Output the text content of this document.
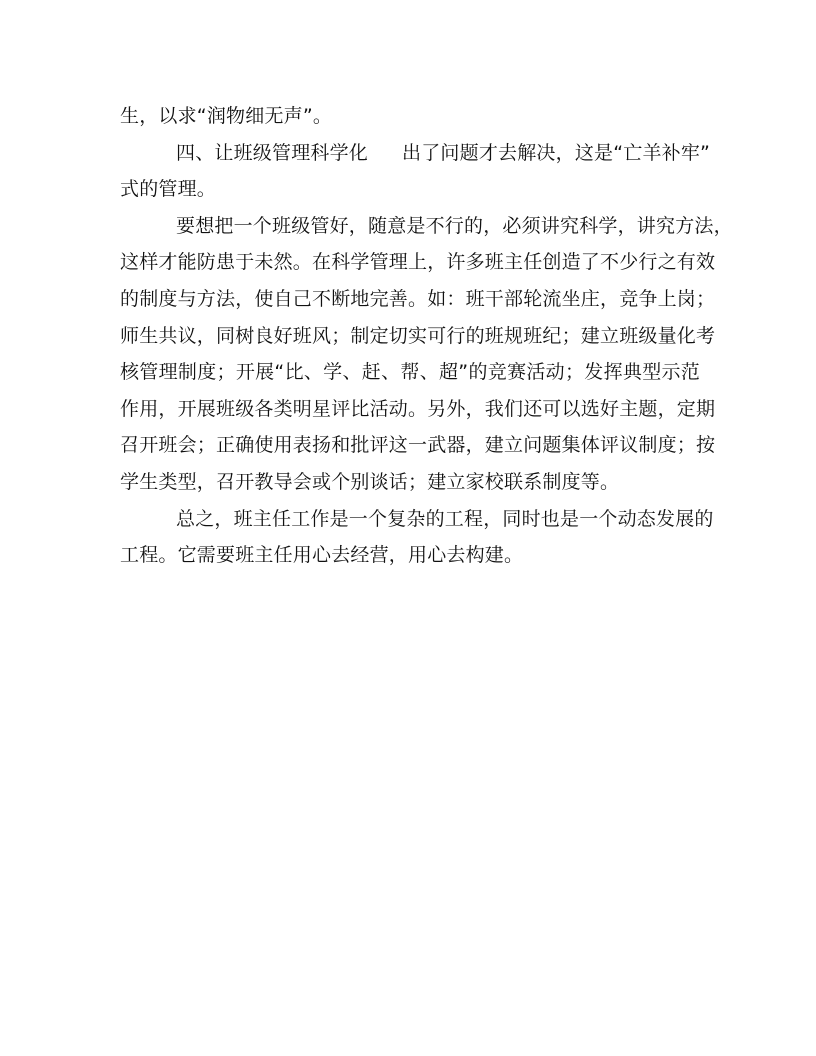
生，以求“润物细无声”。
四、让班级管理科学化 出了问题才去解决，这是“亡羊补牢”
式的管理。
要想把一个班级管好，随意是不行的，必须讲究科学，讲究方法，
这样才能防患于未然。在科学管理上，许多班主任创造了不少行之有效
的制度与方法，使自己不断地完善。如：班干部轮流坐庄，竞争上岗；
师生共议，同树良好班风；制定切实可行的班规班纪；建立班级量化考
核管理制度；开展“比、学、赶、帮、超”的竞赛活动；发挥典型示范
作用，开展班级各类明星评比活动。另外，我们还可以选好主题，定期
召开班会；正确使用表扬和批评这一武器，建立问题集体评议制度；按
学生类型，召开教导会或个别谈话；建立家校联系制度等。
总之，班主任工作是一个复杂的工程，同时也是一个动态发展的
工程。它需要班主任用心去经营，用心去构建。
